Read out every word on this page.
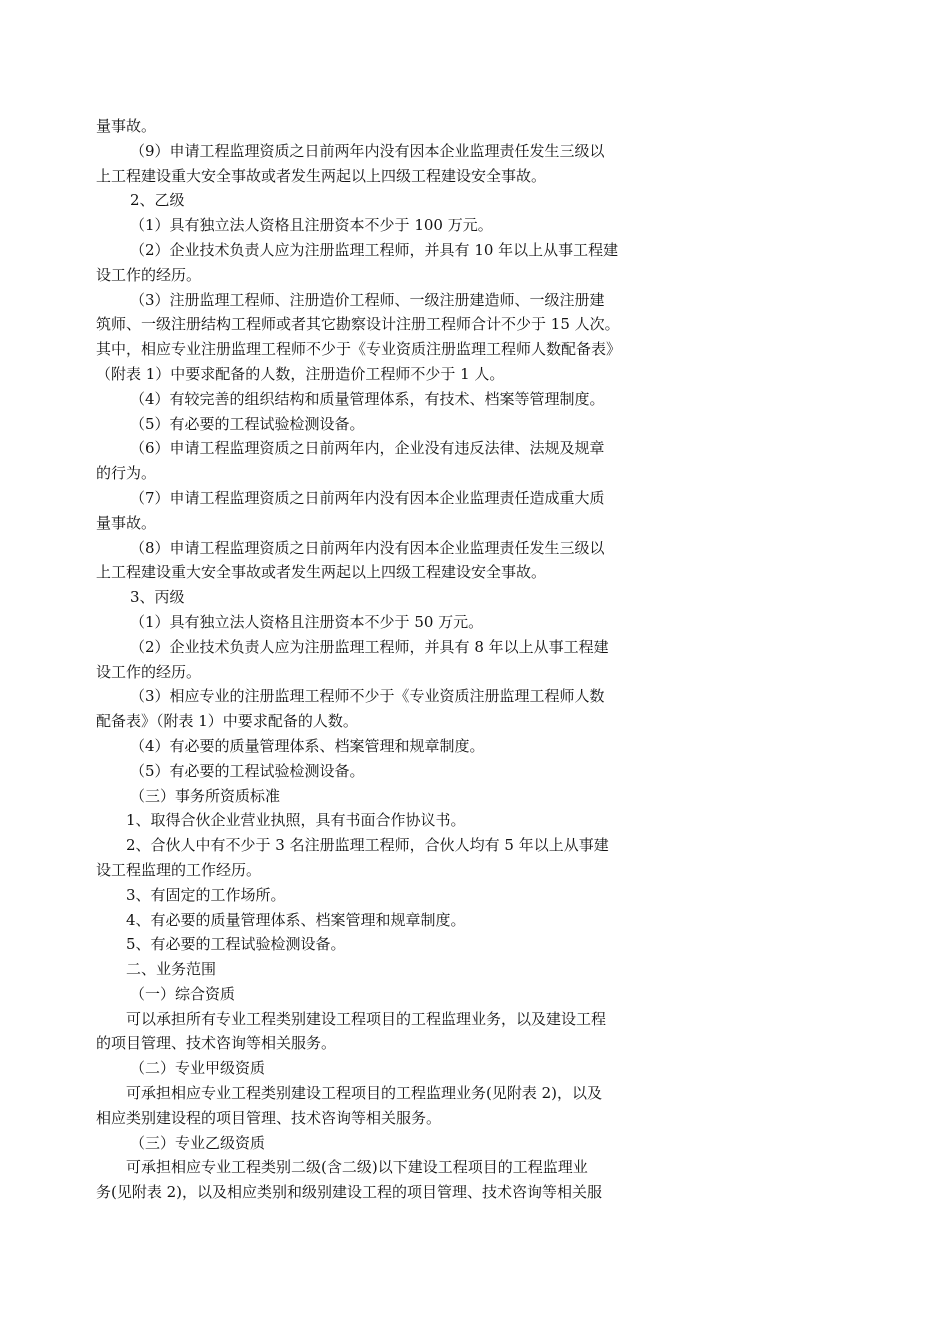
量事故。
（9）申请工程监理资质之日前两年内没有因本企业监理责任发生三级以
上工程建设重大安全事故或者发生两起以上四级工程建设安全事故。
2、乙级
（1）具有独立法人资格且注册资本不少于 100 万元。
（2）企业技术负责人应为注册监理工程师，并具有 10 年以上从事工程建
设工作的经历。
（3）注册监理工程师、注册造价工程师、一级注册建造师、一级注册建
筑师、一级注册结构工程师或者其它勘察设计注册工程师合计不少于 15 人次。
其中，相应专业注册监理工程师不少于《专业资质注册监理工程师人数配备表》
（附表 1）中要求配备的人数，注册造价工程师不少于 1 人。
（4）有较完善的组织结构和质量管理体系，有技术、档案等管理制度。
（5）有必要的工程试验检测设备。
（6）申请工程监理资质之日前两年内，企业没有违反法律、法规及规章
的行为。
（7）申请工程监理资质之日前两年内没有因本企业监理责任造成重大质
量事故。
（8）申请工程监理资质之日前两年内没有因本企业监理责任发生三级以
上工程建设重大安全事故或者发生两起以上四级工程建设安全事故。
3、丙级
（1）具有独立法人资格且注册资本不少于 50 万元。
（2）企业技术负责人应为注册监理工程师，并具有 8 年以上从事工程建
设工作的经历。
（3）相应专业的注册监理工程师不少于《专业资质注册监理工程师人数
配备表》（附表 1）中要求配备的人数。
（4）有必要的质量管理体系、档案管理和规章制度。
（5）有必要的工程试验检测设备。
（三）事务所资质标准
1、取得合伙企业营业执照，具有书面合作协议书。
2、合伙人中有不少于 3 名注册监理工程师，合伙人均有 5 年以上从事建
设工程监理的工作经历。
3、有固定的工作场所。
4、有必要的质量管理体系、档案管理和规章制度。
5、有必要的工程试验检测设备。
二、业务范围
（一）综合资质
可以承担所有专业工程类别建设工程项目的工程监理业务，以及建设工程
的项目管理、技术咨询等相关服务。
（二）专业甲级资质
可承担相应专业工程类别建设工程项目的工程监理业务(见附表 2)，以及
相应类别建设程的项目管理、技术咨询等相关服务。
（三）专业乙级资质
可承担相应专业工程类别二级(含二级)以下建设工程项目的工程监理业
务(见附表 2)，以及相应类别和级别建设工程的项目管理、技术咨询等相关服
